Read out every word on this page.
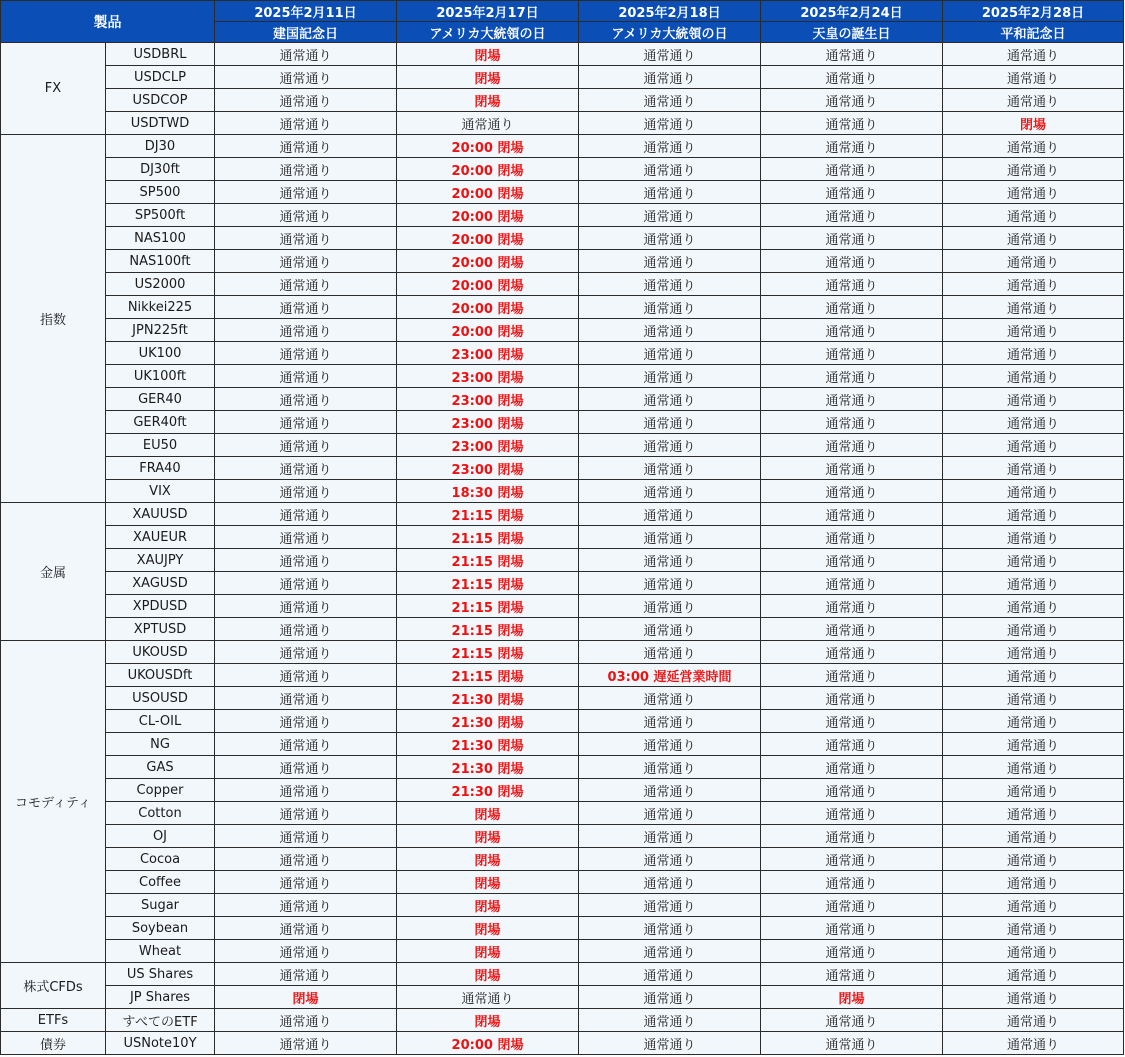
製品		2025年2月11日	2025年2月17日	2025年2月18日	2025年2月24日	2025年2月28日
		建国記念日	アメリカ大統領の日	アメリカ大統領の日	天皇の誕生日	平和記念日
FX	USDBRL	通常通り	閉場	通常通り	通常通り	通常通り
	USDCLP	通常通り	閉場	通常通り	通常通り	通常通り
	USDCOP	通常通り	閉場	通常通り	通常通り	通常通り
	USDTWD	通常通り	通常通り	通常通り	通常通り	閉場
指数	DJ30	通常通り	20:00 閉場	通常通り	通常通り	通常通り
	DJ30ft	通常通り	20:00 閉場	通常通り	通常通り	通常通り
	SP500	通常通り	20:00 閉場	通常通り	通常通り	通常通り
	SP500ft	通常通り	20:00 閉場	通常通り	通常通り	通常通り
	NAS100	通常通り	20:00 閉場	通常通り	通常通り	通常通り
	NAS100ft	通常通り	20:00 閉場	通常通り	通常通り	通常通り
	US2000	通常通り	20:00 閉場	通常通り	通常通り	通常通り
	Nikkei225	通常通り	20:00 閉場	通常通り	通常通り	通常通り
	JPN225ft	通常通り	20:00 閉場	通常通り	通常通り	通常通り
	UK100	通常通り	23:00 閉場	通常通り	通常通り	通常通り
	UK100ft	通常通り	23:00 閉場	通常通り	通常通り	通常通り
	GER40	通常通り	23:00 閉場	通常通り	通常通り	通常通り
	GER40ft	通常通り	23:00 閉場	通常通り	通常通り	通常通り
	EU50	通常通り	23:00 閉場	通常通り	通常通り	通常通り
	FRA40	通常通り	23:00 閉場	通常通り	通常通り	通常通り
	VIX	通常通り	18:30 閉場	通常通り	通常通り	通常通り
金属	XAUUSD	通常通り	21:15 閉場	通常通り	通常通り	通常通り
	XAUEUR	通常通り	21:15 閉場	通常通り	通常通り	通常通り
	XAUJPY	通常通り	21:15 閉場	通常通り	通常通り	通常通り
	XAGUSD	通常通り	21:15 閉場	通常通り	通常通り	通常通り
	XPDUSD	通常通り	21:15 閉場	通常通り	通常通り	通常通り
	XPTUSD	通常通り	21:15 閉場	通常通り	通常通り	通常通り
コモディティ	UKOUSD	通常通り	21:15 閉場	通常通り	通常通り	通常通り
	UKOUSDft	通常通り	21:15 閉場	03:00 遅延営業時間	通常通り	通常通り
	USOUSD	通常通り	21:30 閉場	通常通り	通常通り	通常通り
	CL-OIL	通常通り	21:30 閉場	通常通り	通常通り	通常通り
	NG	通常通り	21:30 閉場	通常通り	通常通り	通常通り
	GAS	通常通り	21:30 閉場	通常通り	通常通り	通常通り
	Copper	通常通り	21:30 閉場	通常通り	通常通り	通常通り
	Cotton	通常通り	閉場	通常通り	通常通り	通常通り
	OJ	通常通り	閉場	通常通り	通常通り	通常通り
	Cocoa	通常通り	閉場	通常通り	通常通り	通常通り
	Coffee	通常通り	閉場	通常通り	通常通り	通常通り
	Sugar	通常通り	閉場	通常通り	通常通り	通常通り
	Soybean	通常通り	閉場	通常通り	通常通り	通常通り
	Wheat	通常通り	閉場	通常通り	通常通り	通常通り
株式CFDs	US Shares	通常通り	閉場	通常通り	通常通り	通常通り
	JP Shares	閉場	通常通り	通常通り	閉場	通常通り
ETFs	すべてのETF	通常通り	閉場	通常通り	通常通り	通常通り
債券	USNote10Y	通常通り	20:00 閉場	通常通り	通常通り	通常通り
